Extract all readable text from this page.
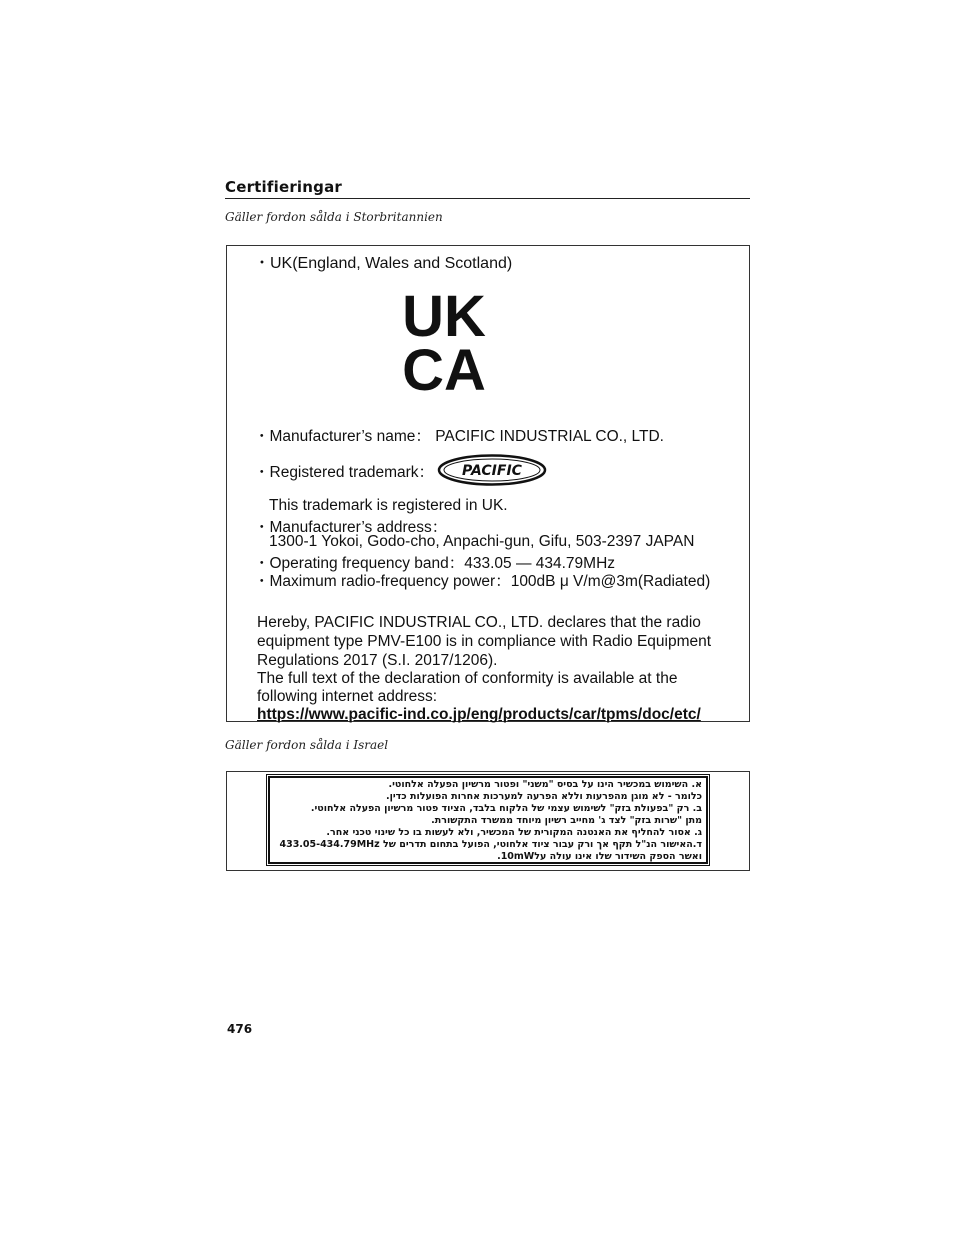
Certifieringar
Gäller fordon sålda i Storbritannien
・UK(England, Wales and Scotland)
UK
CA
・Manufacturer’s name： PACIFIC INDUSTRIAL CO., LTD.
・Registered trademark： PACIFIC
This trademark is registered in UK.
・Manufacturer’s address：
1300-1 Yokoi, Godo-cho, Anpachi-gun, Gifu, 503-2397 JAPAN
・Operating frequency band：433.05 ― 434.79MHz
・Maximum radio-frequency power：100dB μ V/m@3m(Radiated)
Hereby, PACIFIC INDUSTRIAL CO., LTD. declares that the radio
equipment type PMV-E100 is in compliance with Radio Equipment
Regulations 2017 (S.I. 2017/1206).
The full text of the declaration of conformity is available at the
following internet address:
https://www.pacific-ind.co.jp/eng/products/car/tpms/doc/etc/
Gäller fordon sålda i Israel
א. השימוש במכשיר הינו על בסיס "משני" ופטור מרשיון הפעלה אלחוטי.
כלומר - לא מוגן מהפרעות וללא הפרעה למערכות אחרות הפועלות כדין.
ב. רק "בפעולת בזק" לשימוש עצמי של הלקוח בלבד, הציוד פטור מרשיון הפעלה אלחוטי.
מתן "שרות בזק" לצד ג' מחייב רשיון מיוחד ממשרד התקשורת.
ג. אסור להחליף את האנטנה המקורית של המכשיר, ולא לעשות בו כל שינוי טכני אחר.
ד.האישור הנ"ל תקף אך ורק עבור ציוד אלחוטי, הפועל בתחום תדרים של 433.05-434.79MHz
ואשר הספק השידור שלו אינו עולה על10mW.
476
